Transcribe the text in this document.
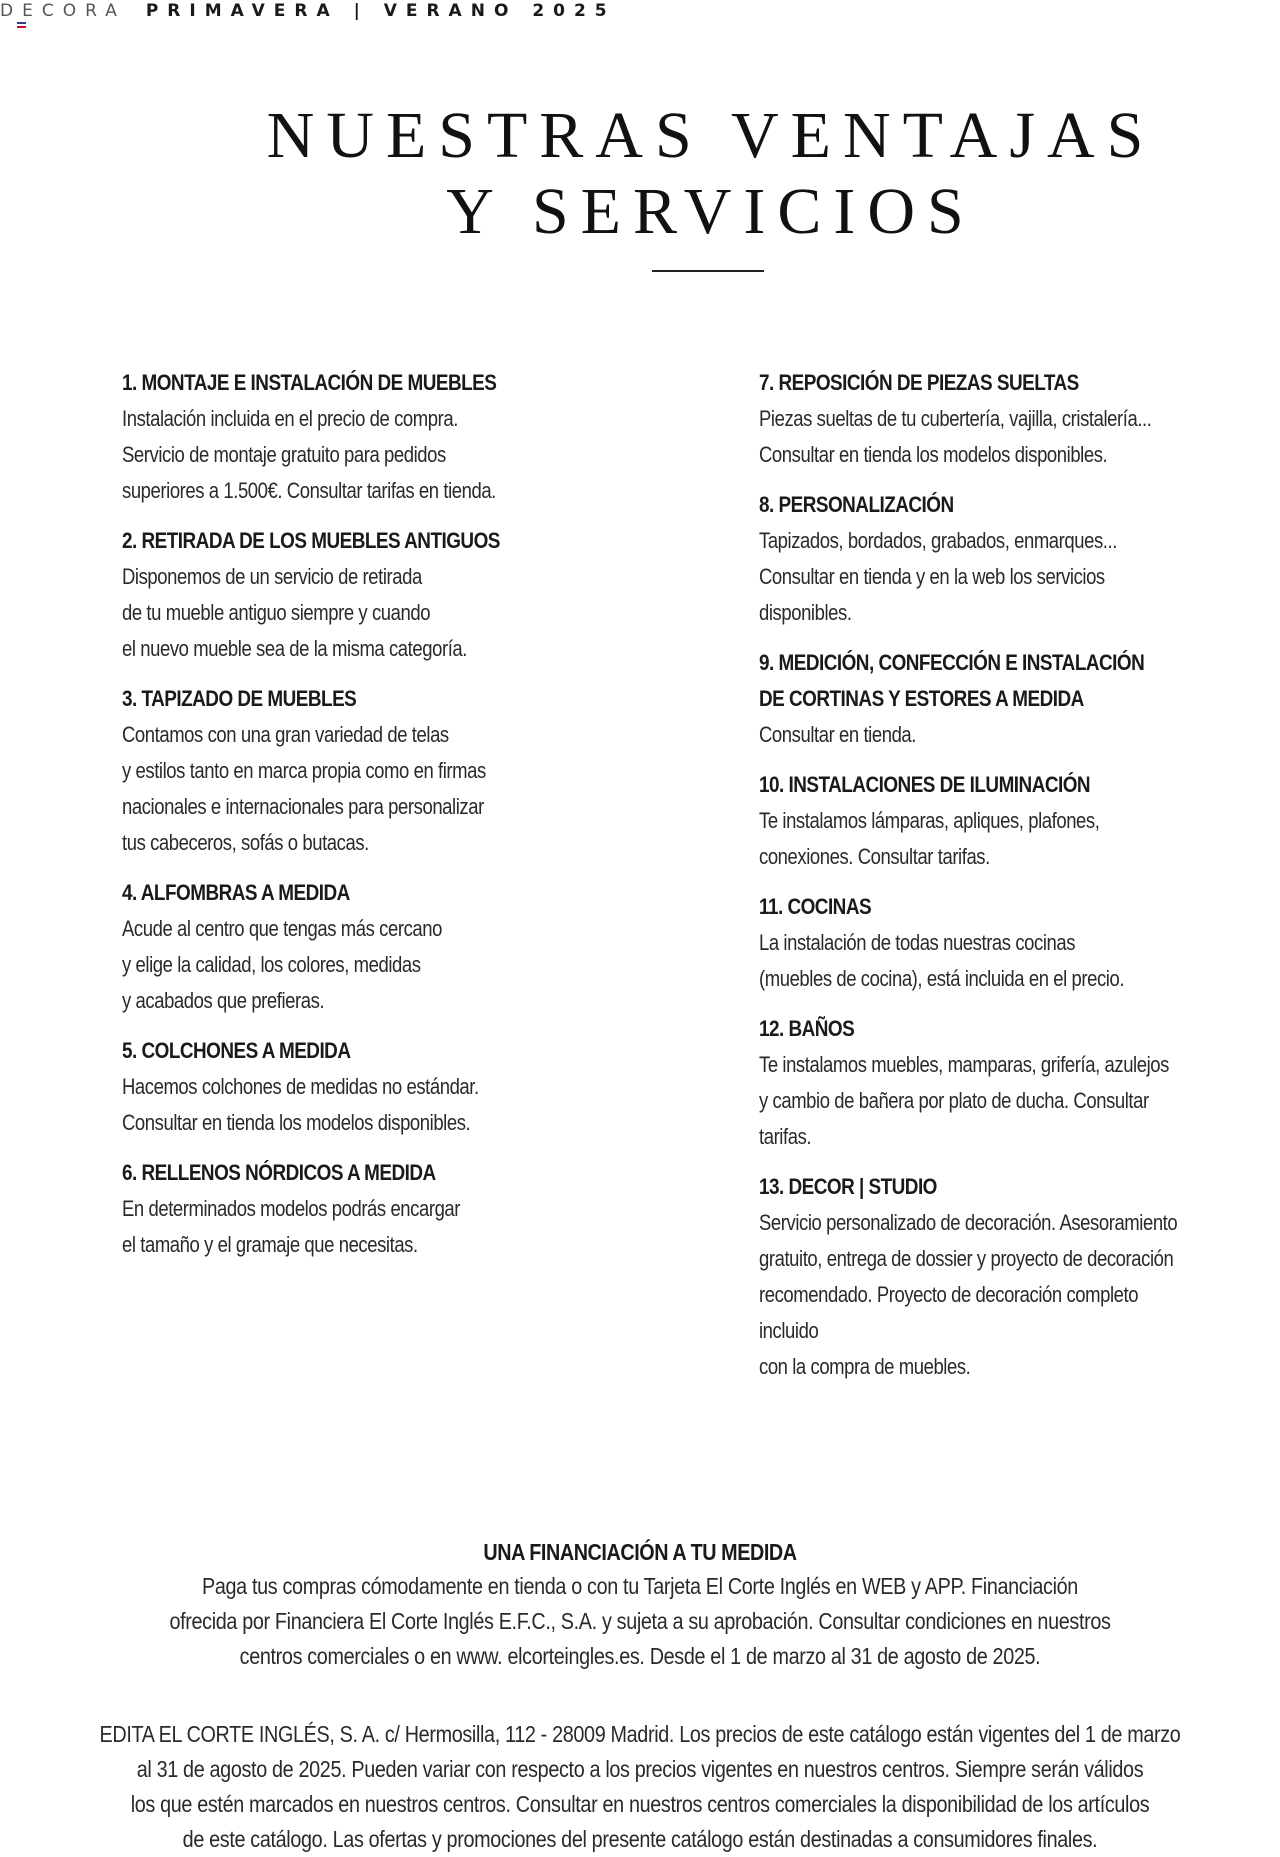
DECORA PRIMAVERA | VERANO 2025
NUESTRAS VENTAJAS
Y SERVICIOS
1. MONTAJE E INSTALACIÓN DE MUEBLES

Instalación incluida en el precio de compra.
Servicio de montaje gratuito para pedidos
superiores a 1.500€. Consultar tarifas en tienda.

2. RETIRADA DE LOS MUEBLES ANTIGUOS

Disponemos de un servicio de retirada
de tu mueble antiguo siempre y cuando
el nuevo mueble sea de la misma categoría.

3. TAPIZADO DE MUEBLES

Contamos con una gran variedad de telas
y estilos tanto en marca propia como en firmas
nacionales e internacionales para personalizar
tus cabeceros, sofás o butacas.

4. ALFOMBRAS A MEDIDA

Acude al centro que tengas más cercano
y elige la calidad, los colores, medidas
y acabados que prefieras.

5. COLCHONES A MEDIDA

Hacemos colchones de medidas no estándar.
Consultar en tienda los modelos disponibles.

6. RELLENOS NÓRDICOS A MEDIDA

En determinados modelos podrás encargar
el tamaño y el gramaje que necesitas.

7. REPOSICIÓN DE PIEZAS SUELTAS

Piezas sueltas de tu cubertería, vajilla, cristalería...
Consultar en tienda los modelos disponibles.

8. PERSONALIZACIÓN

Tapizados, bordados, grabados, enmarques...
Consultar en tienda y en la web los servicios disponibles.

9. MEDICIÓN, CONFECCIÓN E INSTALACIÓN
DE CORTINAS Y ESTORES A MEDIDA

Consultar en tienda.

10. INSTALACIONES DE ILUMINACIÓN

Te instalamos lámparas, apliques, plafones,
conexiones. Consultar tarifas.

11. COCINAS

La instalación de todas nuestras cocinas
(muebles de cocina), está incluida en el precio.

12. BAÑOS

Te instalamos muebles, mamparas, grifería, azulejos
y cambio de bañera por plato de ducha. Consultar tarifas.

13. DECOR | STUDIO

Servicio personalizado de decoración. Asesoramiento
gratuito, entrega de dossier y proyecto de decoración
recomendado. Proyecto de decoración completo incluido
con la compra de muebles.

UNA FINANCIACIÓN A TU MEDIDA

Paga tus compras cómodamente en tienda o con tu Tarjeta El Corte Inglés en WEB y APP. Financiación
ofrecida por Financiera El Corte Inglés E.F.C., S.A. y sujeta a su aprobación. Consultar condiciones en nuestros
centros comerciales o en www. elcorteingles.es. Desde el 1 de marzo al 31 de agosto de 2025.

EDITA EL CORTE INGLÉS, S. A. c/ Hermosilla, 112 - 28009 Madrid. Los precios de este catálogo están vigentes del 1 de marzo
al 31 de agosto de 2025. Pueden variar con respecto a los precios vigentes en nuestros centros. Siempre serán válidos
los que estén marcados en nuestros centros. Consultar en nuestros centros comerciales la disponibilidad de los artículos
de este catálogo. Las ofertas y promociones del presente catálogo están destinadas a consumidores finales.
